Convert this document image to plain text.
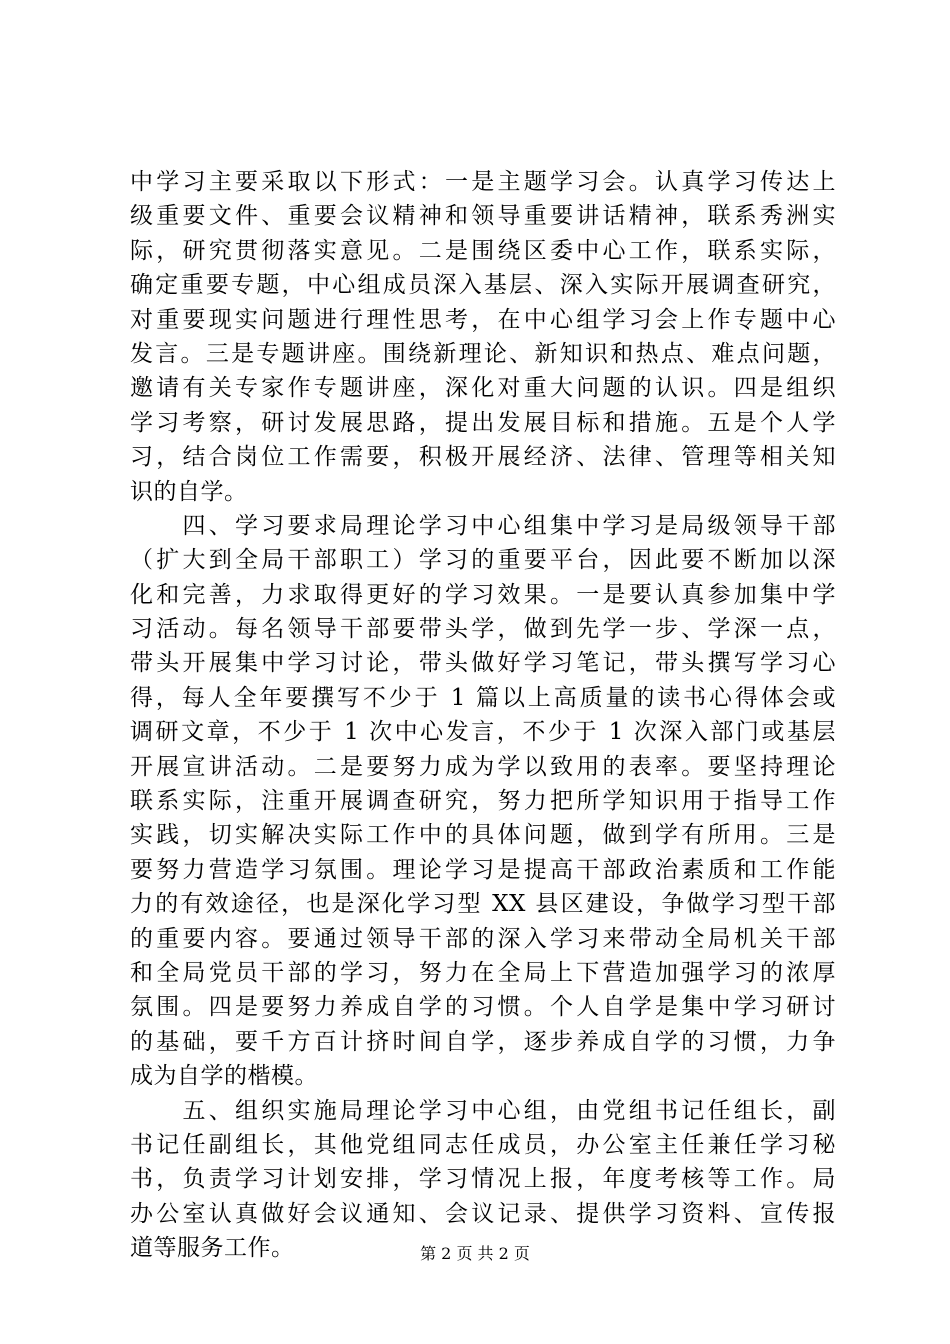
中学习主要采取以下形式：一是主题学习会。认真学习传达上
级重要文件、重要会议精神和领导重要讲话精神，联系秀洲实
际，研究贯彻落实意见。二是围绕区委中心工作，联系实际，
确定重要专题，中心组成员深入基层、深入实际开展调查研究，
对重要现实问题进行理性思考，在中心组学习会上作专题中心
发言。三是专题讲座。围绕新理论、新知识和热点、难点问题，
邀请有关专家作专题讲座，深化对重大问题的认识。四是组织
学习考察，研讨发展思路，提出发展目标和措施。五是个人学
习，结合岗位工作需要，积极开展经济、法律、管理等相关知
识的自学。
　　四、学习要求局理论学习中心组集中学习是局级领导干部
（扩大到全局干部职工）学习的重要平台，因此要不断加以深
化和完善，力求取得更好的学习效果。一是要认真参加集中学
习活动。每名领导干部要带头学，做到先学一步、学深一点，
带头开展集中学习讨论，带头做好学习笔记，带头撰写学习心
得，每人全年要撰写不少于 1 篇以上高质量的读书心得体会或
调研文章，不少于 1 次中心发言，不少于 1 次深入部门或基层
开展宣讲活动。二是要努力成为学以致用的表率。要坚持理论
联系实际，注重开展调查研究，努力把所学知识用于指导工作
实践，切实解决实际工作中的具体问题，做到学有所用。三是
要努力营造学习氛围。理论学习是提高干部政治素质和工作能
力的有效途径，也是深化学习型 XX 县区建设，争做学习型干部
的重要内容。要通过领导干部的深入学习来带动全局机关干部
和全局党员干部的学习，努力在全局上下营造加强学习的浓厚
氛围。四是要努力养成自学的习惯。个人自学是集中学习研讨
的基础，要千方百计挤时间自学，逐步养成自学的习惯，力争
成为自学的楷模。
　　五、组织实施局理论学习中心组，由党组书记任组长，副
书记任副组长，其他党组同志任成员，办公室主任兼任学习秘
书，负责学习计划安排，学习情况上报，年度考核等工作。局
办公室认真做好会议通知、会议记录、提供学习资料、宣传报
道等服务工作。	第 2 页 共 2 页
